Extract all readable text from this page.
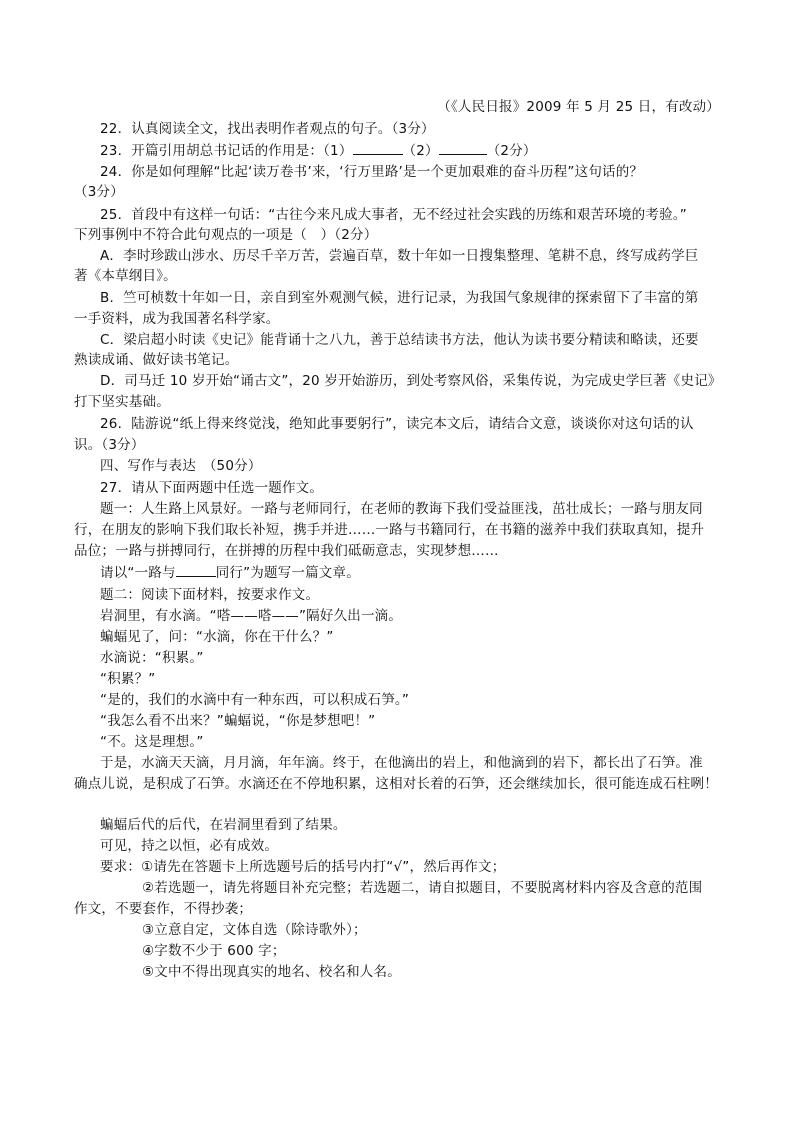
（《人民日报》2009 年 5 月 25 日，有改动）
22．认真阅读全文，找出表明作者观点的句子。（3分）
23．开篇引用胡总书记话的作用是：（1）	（2）	（2分）
24．你是如何理解“比起‘读万卷书’来，‘行万里路’是一个更加艰难的奋斗历程”这句话的？
（3分）
25．首段中有这样一句话：“古往今来凡成大事者，无不经过社会实践的历练和艰苦环境的考验。”
下列事例中不符合此句观点的一项是（　）（2分）
A．李时珍跋山涉水、历尽千辛万苦，尝遍百草，数十年如一日搜集整理、笔耕不息，终写成药学巨
著《本草纲目》。
B．竺可桢数十年如一日，亲自到室外观测气候，进行记录，为我国气象规律的探索留下了丰富的第
一手资料，成为我国著名科学家。
C．梁启超小时读《史记》能背诵十之八九，善于总结读书方法，他认为读书要分精读和略读，还要
熟读成诵、做好读书笔记。
D．司马迁 10 岁开始“诵古文”，20 岁开始游历，到处考察风俗，采集传说，为完成史学巨著《史记》
打下坚实基础。
26．陆游说“纸上得来终觉浅，绝知此事要躬行”，读完本文后，请结合文意，谈谈你对这句话的认
识。（3分）
四、写作与表达　（50分）
27．请从下面两题中任选一题作文。
题一：人生路上风景好。一路与老师同行，在老师的教诲下我们受益匪浅，茁壮成长；一路与朋友同
行，在朋友的影响下我们取长补短，携手并进……一路与书籍同行，在书籍的滋养中我们获取真知，提升
品位；一路与拼搏同行，在拼搏的历程中我们砥砺意志，实现梦想……
请以“一路与	同行”为题写一篇文章。
题二：阅读下面材料，按要求作文。
岩洞里，有水滴。“嗒——嗒——”隔好久出一滴。
蝙蝠见了，问：“水滴，你在干什么？”
水滴说：“积累。”
“积累？”
“是的，我们的水滴中有一种东西，可以积成石笋。”
“我怎么看不出来？”蝙蝠说，“你是梦想吧！”
“不。这是理想。”
于是，水滴天天滴，月月滴，年年滴。终于，在他滴出的岩上，和他滴到的岩下，都长出了石笋。准
确点儿说，是积成了石笋。水滴还在不停地积累，这相对长着的石笋，还会继续加长，很可能连成石柱咧！
蝙蝠后代的后代，在岩洞里看到了结果。
可见，持之以恒，必有成效。
要求：①请先在答题卡上所选题号后的括号内打“√”，然后再作文；
②若选题一，请先将题目补充完整；若选题二，请自拟题目，不要脱离材料内容及含意的范围
作文，不要套作，不得抄袭；
③立意自定，文体自选（除诗歌外）；
④字数不少于 600 字；
⑤文中不得出现真实的地名、校名和人名。
